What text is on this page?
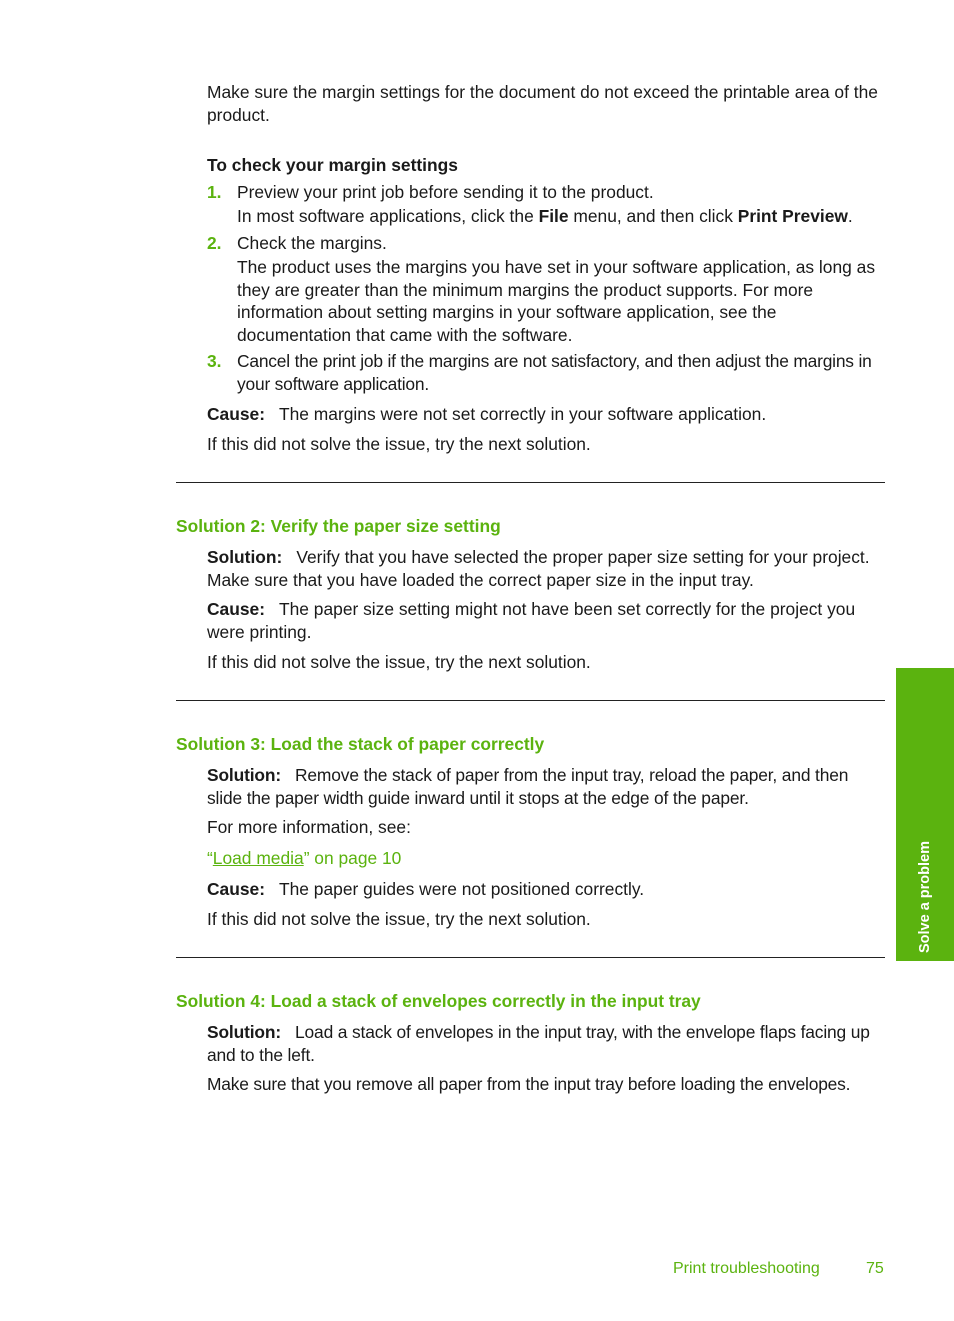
Make sure the margin settings for the document do not exceed the printable area of the product.

To check your margin settings

1. Preview your print job before sending it to the product.

In most software applications, click the File menu, and then click Print Preview.

2. Check the margins.

The product uses the margins you have set in your software application, as long as they are greater than the minimum margins the product supports. For more information about setting margins in your software application, see the documentation that came with the software.

3. Cancel the print job if the margins are not satisfactory, and then adjust the margins in your software application.

Cause: The margins were not set correctly in your software application.

If this did not solve the issue, try the next solution.

Solution 2: Verify the paper size setting

Solution: Verify that you have selected the proper paper size setting for your project. Make sure that you have loaded the correct paper size in the input tray.

Cause: The paper size setting might not have been set correctly for the project you were printing.

If this did not solve the issue, try the next solution.

Solution 3: Load the stack of paper correctly

Solution: Remove the stack of paper from the input tray, reload the paper, and then slide the paper width guide inward until it stops at the edge of the paper.

For more information, see:

“Load media” on page 10

Cause: The paper guides were not positioned correctly.

If this did not solve the issue, try the next solution.

Solution 4: Load a stack of envelopes correctly in the input tray

Solution: Load a stack of envelopes in the input tray, with the envelope flaps facing up and to the left.

Make sure that you remove all paper from the input tray before loading the envelopes.

Solve a problem
Print troubleshooting	75
